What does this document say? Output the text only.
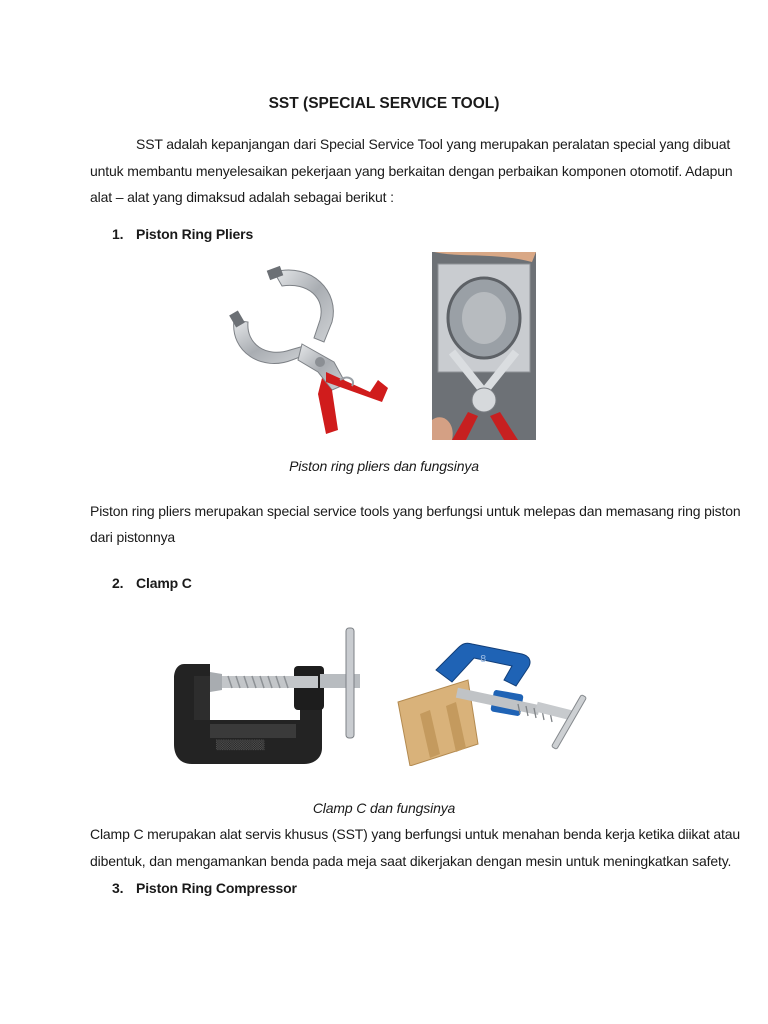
SST (SPECIAL SERVICE TOOL)
SST adalah kepanjangan dari Special Service Tool yang merupakan peralatan special yang dibuat
untuk membantu menyelesaikan pekerjaan yang berkaitan dengan perbaikan komponen otomotif. Adapun
alat – alat yang dimaksud adalah sebagai berikut :
1. Piston Ring Pliers
Piston ring pliers dan fungsinya
Piston ring pliers merupakan special service tools yang berfungsi untuk melepas dan memasang ring piston
dari pistonnya
2. Clamp C
▒▒▒▒▒▒▒
8
Clamp C dan fungsinya
Clamp C merupakan alat servis khusus (SST) yang berfungsi untuk menahan benda kerja ketika diikat atau
dibentuk, dan mengamankan benda pada meja saat dikerjakan dengan mesin untuk meningkatkan safety.
3. Piston Ring Compressor
